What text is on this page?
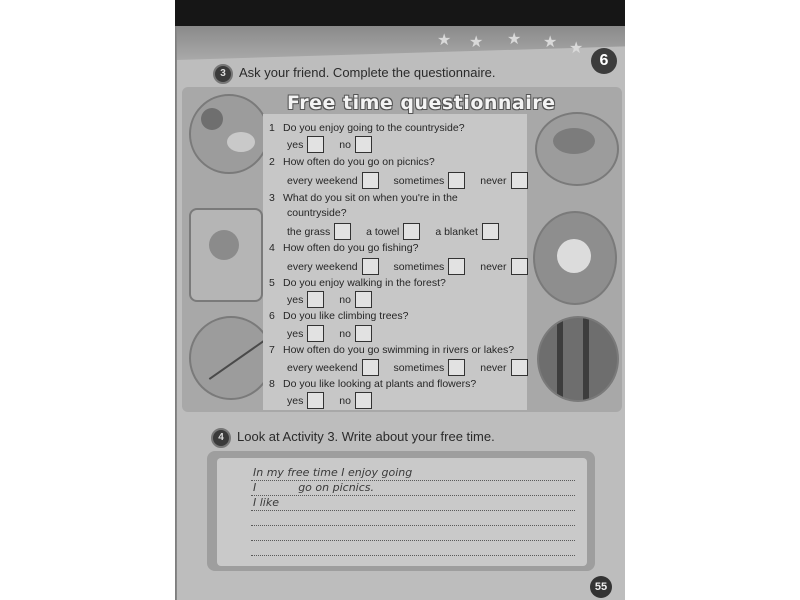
★ ★ ★ ★ ★
6
3	Ask your friend. Complete the questionnaire.
Free time questionnaire
1 Do you enjoy going to the countryside?
yes	no
2 How often do you go on picnics?
every weekend	sometimes	never
3 What do you sit on when you're in the
countryside?
the grass	a towel	a blanket
4 How often do you go fishing?
every weekend	sometimes	never
5 Do you enjoy walking in the forest?
yes	no
6 Do you like climbing trees?
yes	no
7 How often do you go swimming in rivers or lakes?
every weekend	sometimes	never
8 Do you like looking at plants and flowers?
yes	no
4	Look at Activity 3. Write about your free time.
In my free time I enjoy going
I            go on picnics.
I like
55
